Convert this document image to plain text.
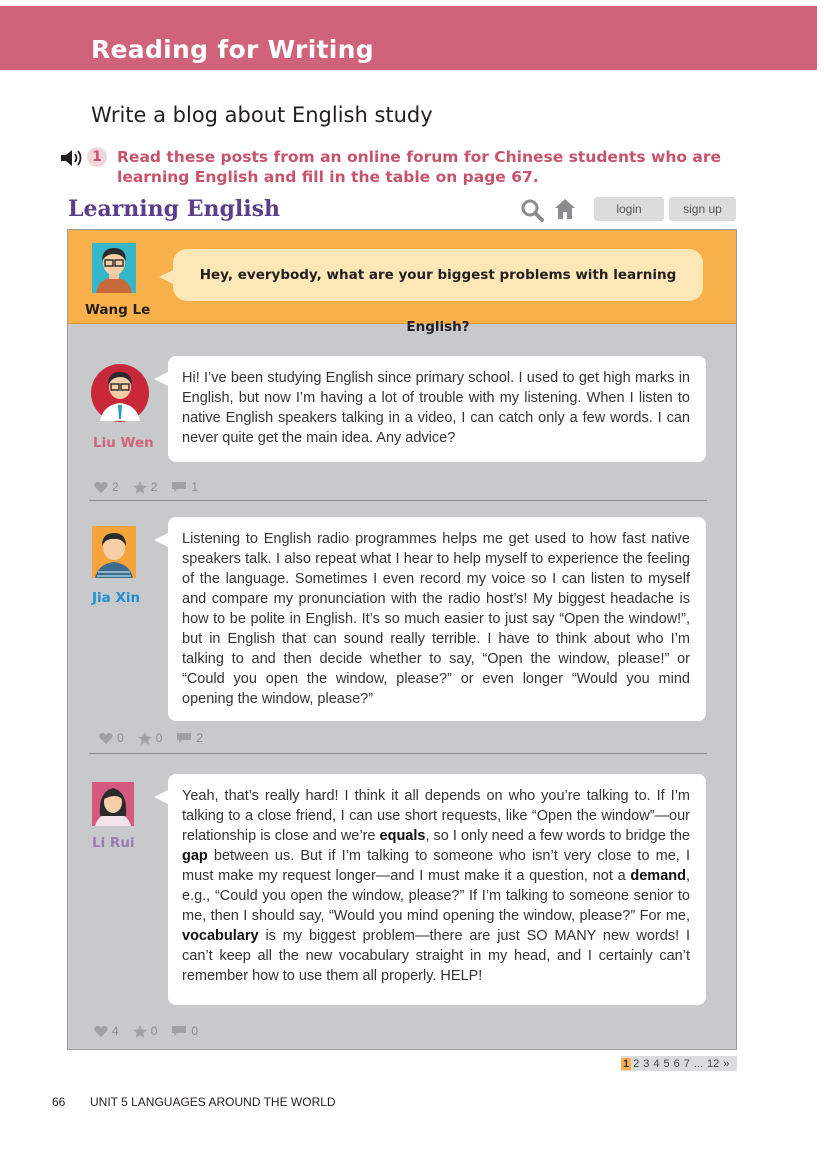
Reading for Writing
Write a blog about English study
1 Read these posts from an online forum for Chinese students who are learning English and fill in the table on page 67.
Learning English	login	sign up
Wang Le
Hey, everybody, what are your biggest problems with learning English?
Liu Wen
Hi! I’ve been studying English since primary school. I used to get high marks in English, but now I’m having a lot of trouble with my listening. When I listen to native English speakers talking in a video, I can catch only a few words. I can never quite get the main idea. Any advice?
2	2	1
Jia Xin
Listening to English radio programmes helps me get used to how fast native speakers talk. I also repeat what I hear to help myself to experience the feeling of the language. Sometimes I even record my voice so I can listen to myself and compare my pronunciation with the radio host’s! My biggest headache is how to be polite in English. It’s so much easier to just say “Open the window!”, but in English that can sound really terrible. I have to think about who I’m talking to and then decide whether to say, “Open the window, please!” or “Could you open the window, please?” or even longer “Would you mind opening the window, please?”
0	0	2
Li Rui
Yeah, that’s really hard! I think it all depends on who you’re talking to. If I’m talking to a close friend, I can use short requests, like “Open the window”—our relationship is close and we’re equals, so I only need a few words to bridge the gap between us. But if I’m talking to someone who isn’t very close to me, I must make my request longer—and I must make it a question, not a demand, e.g., “Could you open the window, please?” If I’m talking to someone senior to me, then I should say, “Would you mind opening the window, please?” For me, vocabulary is my biggest problem—there are just SO MANY new words! I can’t keep all the new vocabulary straight in my head, and I certainly can’t remember how to use them all properly. HELP!
4	0	0
1 2 3 4 5 6 7 ... 12 »
66 UNIT 5 LANGUAGES AROUND THE WORLD
